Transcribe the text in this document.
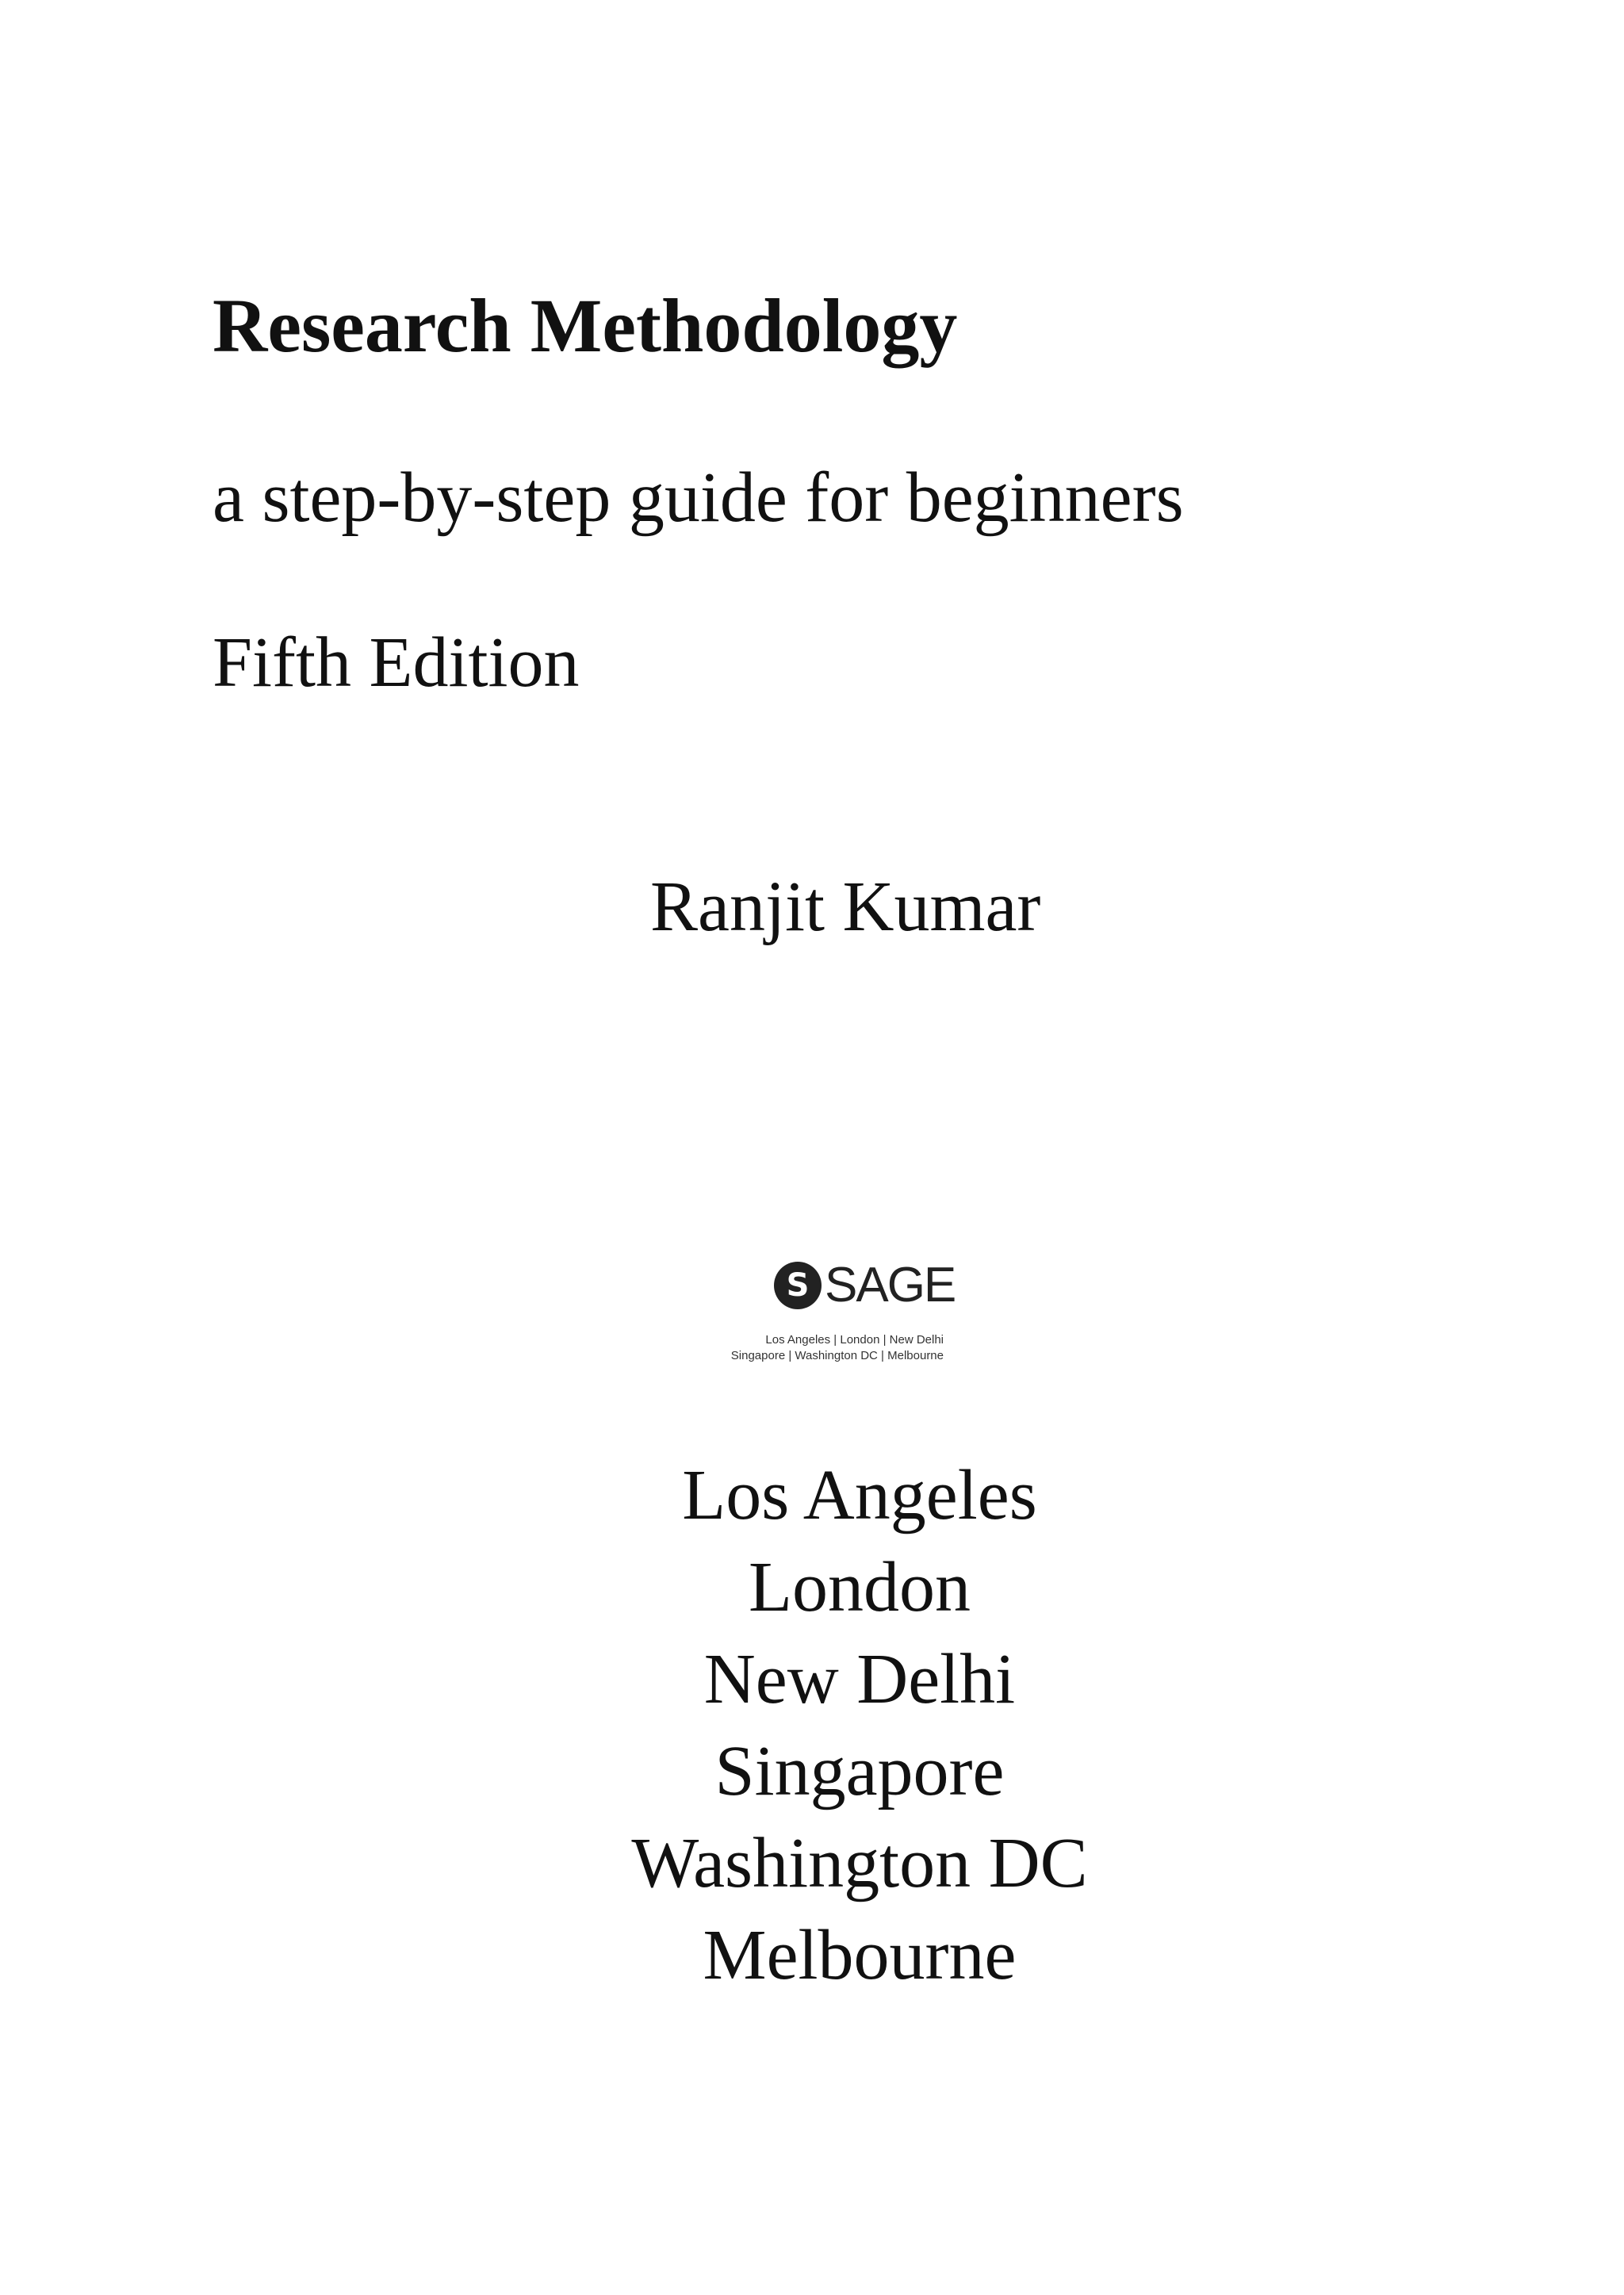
Research Methodology

a step-by-step guide for beginners

Fifth Edition

Ranjit Kumar

S SAGE
Los Angeles | London | New Delhi
Singapore | Washington DC | Melbourne
Los Angeles
London
New Delhi
Singapore
Washington DC
Melbourne
